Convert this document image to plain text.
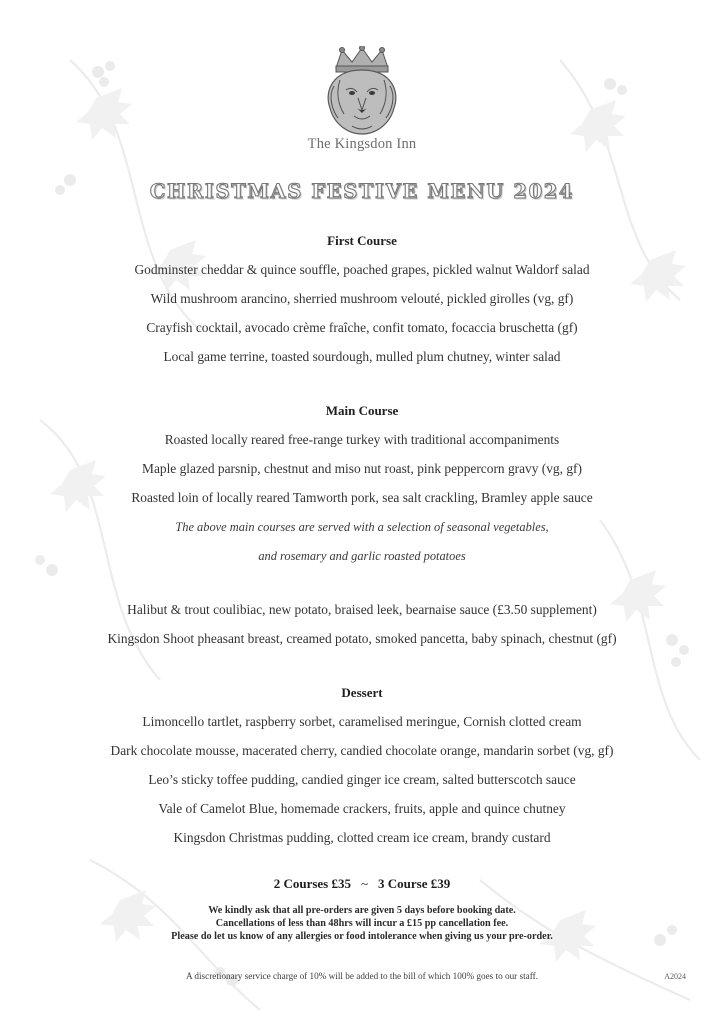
The Kingsdon Inn
CHRISTMAS FESTIVE MENU 2024
First Course
Godminster cheddar & quince souffle, poached grapes, pickled walnut Waldorf salad
Wild mushroom arancino, sherried mushroom velouté, pickled girolles (vg, gf)
Crayfish cocktail, avocado crème fraîche, confit tomato, focaccia bruschetta (gf)
Local game terrine, toasted sourdough, mulled plum chutney, winter salad
Main Course
Roasted locally reared free-range turkey with traditional accompaniments
Maple glazed parsnip, chestnut and miso nut roast, pink peppercorn gravy (vg, gf)
Roasted loin of locally reared Tamworth pork, sea salt crackling, Bramley apple sauce
The above main courses are served with a selection of seasonal vegetables,
and rosemary and garlic roasted potatoes
Halibut & trout coulibiac, new potato, braised leek, bearnaise sauce (£3.50 supplement)
Kingsdon Shoot pheasant breast, creamed potato, smoked pancetta, baby spinach, chestnut (gf)
Dessert
Limoncello tartlet, raspberry sorbet, caramelised meringue, Cornish clotted cream
Dark chocolate mousse, macerated cherry, candied chocolate orange, mandarin sorbet (vg, gf)
Leo’s sticky toffee pudding, candied ginger ice cream, salted butterscotch sauce
Vale of Camelot Blue, homemade crackers, fruits, apple and quince chutney
Kingsdon Christmas pudding, clotted cream ice cream, brandy custard
2 Courses £35 ~ 3 Course £39
We kindly ask that all pre-orders are given 5 days before booking date.
Cancellations of less than 48hrs will incur a £15 pp cancellation fee.
Please do let us know of any allergies or food intolerance when giving us your pre-order.
A discretionary service charge of 10% will be added to the bill of which 100% goes to our staff.	A2024
